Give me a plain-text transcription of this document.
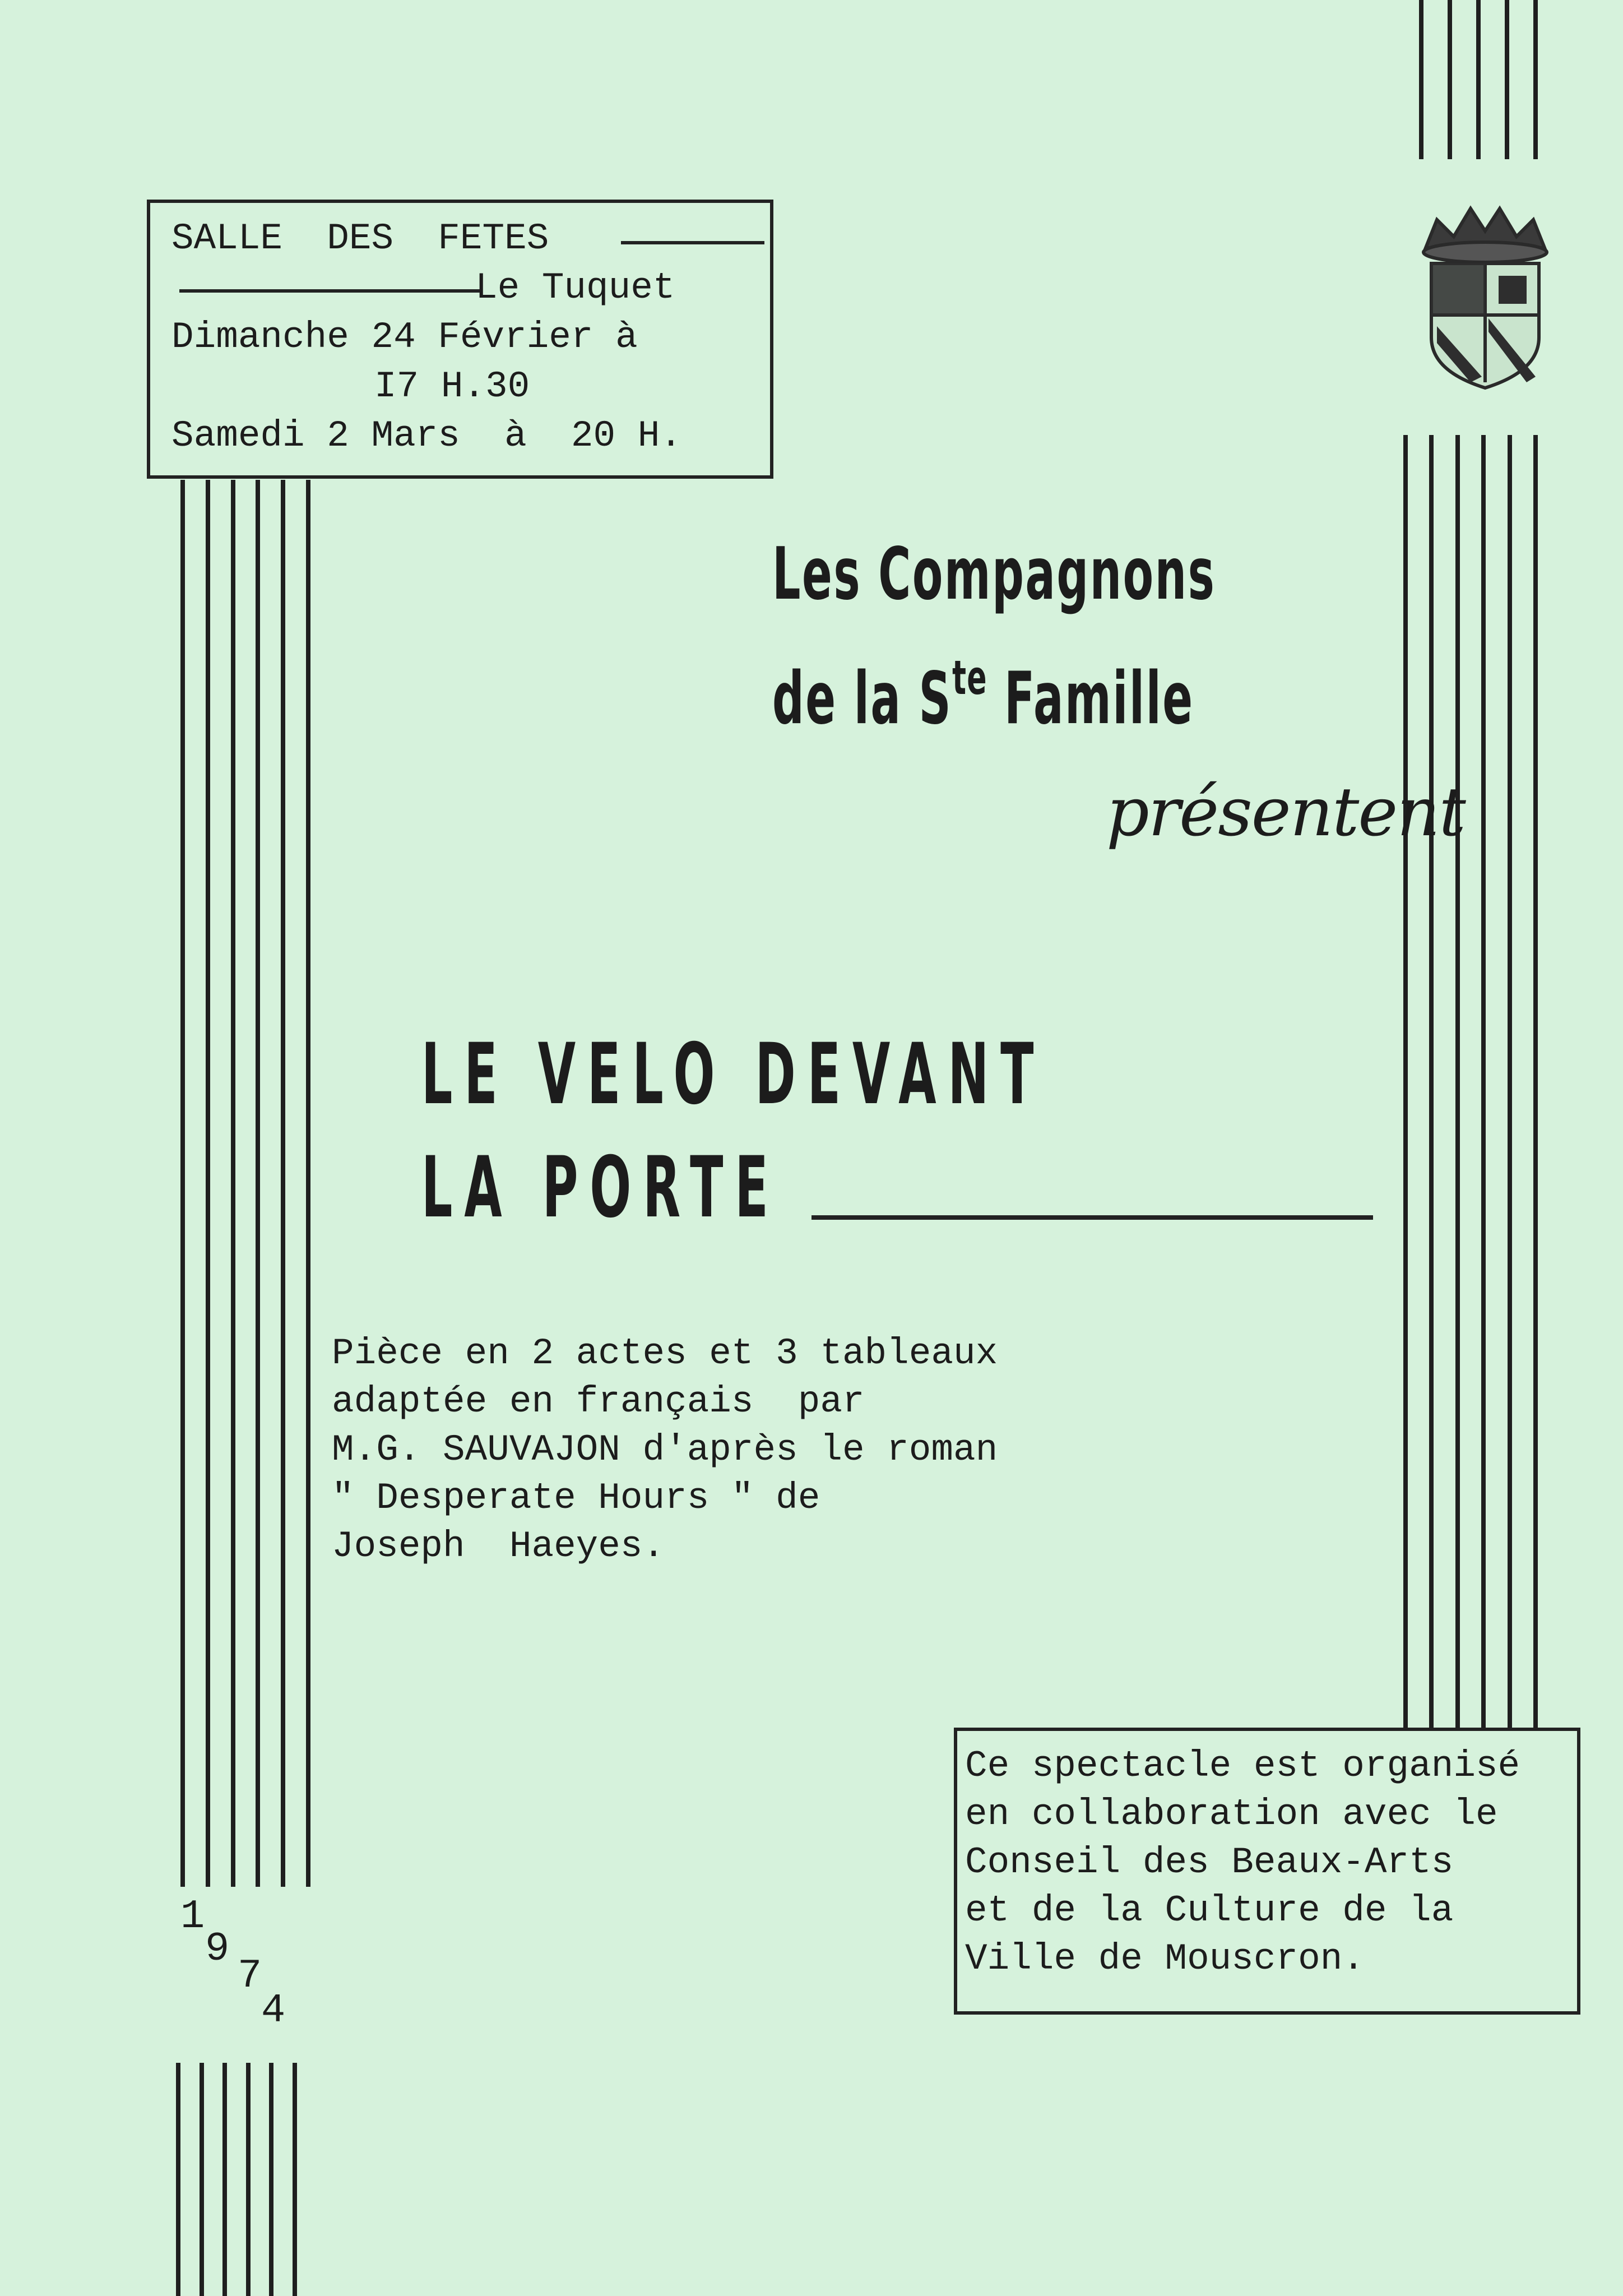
SALLE  DES  FETES
Le Tuquet
Dimanche 24 Février à
I7 H.30
Samedi 2 Mars  à  20 H.
Les Compagnons
de la $S^{te}$ Famille
présentent
LE VELO DEVANT
LA PORTE
Pièce en 2 actes et 3 tableaux
adaptée en français  par
M.G. SAUVAJON d'après le roman
" Desperate Hours " de
Joseph  Haeyes.
Ce spectacle est organisé
en collaboration avec le
Conseil des Beaux-Arts
et de la Culture de la
Ville de Mouscron.
1
9
7
4
